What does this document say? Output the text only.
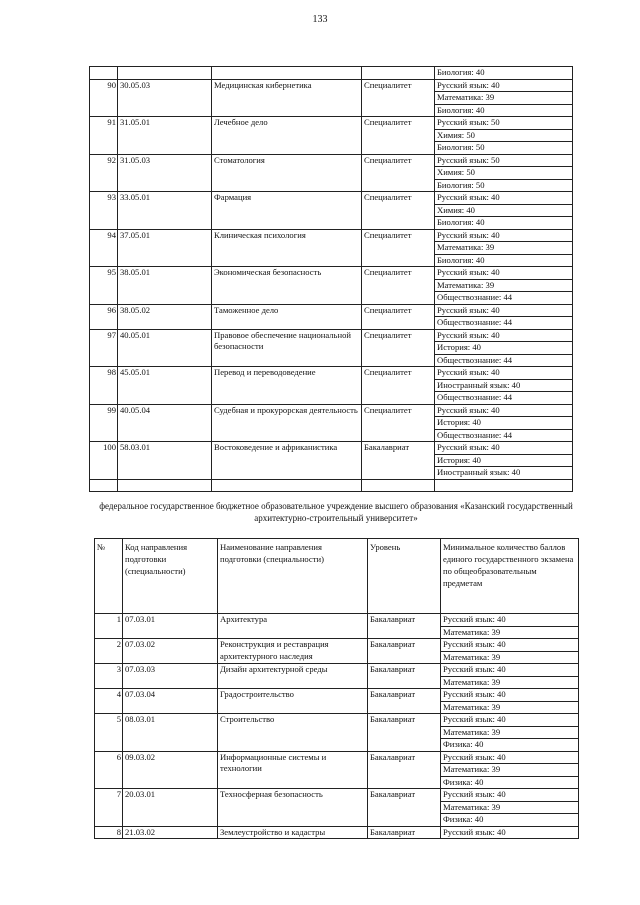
133
				Биология: 40
90	30.05.03	Медицинская кибернетика	Специалитет	Русский язык: 40
				Математика: 39
				Биология: 40
91	31.05.01	Лечебное дело	Специалитет	Русский язык: 50
				Химия: 50
				Биология: 50
92	31.05.03	Стоматология	Специалитет	Русский язык: 50
				Химия: 50
				Биология: 50
93	33.05.01	Фармация	Специалитет	Русский язык: 40
				Химия: 40
				Биология: 40
94	37.05.01	Клиническая психология	Специалитет	Русский язык: 40
				Математика: 39
				Биология: 40
95	38.05.01	Экономическая безопасность	Специалитет	Русский язык: 40
				Математика: 39
				Обществознание: 44
96	38.05.02	Таможенное дело	Специалитет	Русский язык: 40
				Обществознание: 44
97	40.05.01	Правовое обеспечение национальной безопасности	Специалитет	Русский язык: 40
				История: 40
				Обществознание: 44
98	45.05.01	Перевод и переводоведение	Специалитет	Русский язык: 40
				Иностранный язык: 40
				Обществознание: 44
99	40.05.04	Судебная и прокурорская деятельность	Специалитет	Русский язык: 40
				История: 40
				Обществознание: 44
100	58.03.01	Востоковедение и африканистика	Бакалавриат	Русский язык: 40
				История: 40
				Иностранный язык: 40

федеральное государственное бюджетное образовательное учреждение высшего образования «Казанский государственный архитектурно-строительный университет»
№	Код направления подготовки (специальности)	Наименование направления подготовки (специальности)	Уровень	Минимальное количество баллов единого государственного экзамена по общеобразовательным предметам
1	07.03.01	Архитектура	Бакалавриат	Русский язык: 40
				Математика: 39
2	07.03.02	Реконструкция и реставрация архитектурного наследия	Бакалавриат	Русский язык: 40
				Математика: 39
3	07.03.03	Дизайн архитектурной среды	Бакалавриат	Русский язык: 40
				Математика: 39
4	07.03.04	Градостроительство	Бакалавриат	Русский язык: 40
				Математика: 39
5	08.03.01	Строительство	Бакалавриат	Русский язык: 40
				Математика: 39
				Физика: 40
6	09.03.02	Информационные системы и технологии	Бакалавриат	Русский язык: 40
				Математика: 39
				Физика: 40
7	20.03.01	Техносферная безопасность	Бакалавриат	Русский язык: 40
				Математика: 39
				Физика: 40
8	21.03.02	Землеустройство и кадастры	Бакалавриат	Русский язык: 40
